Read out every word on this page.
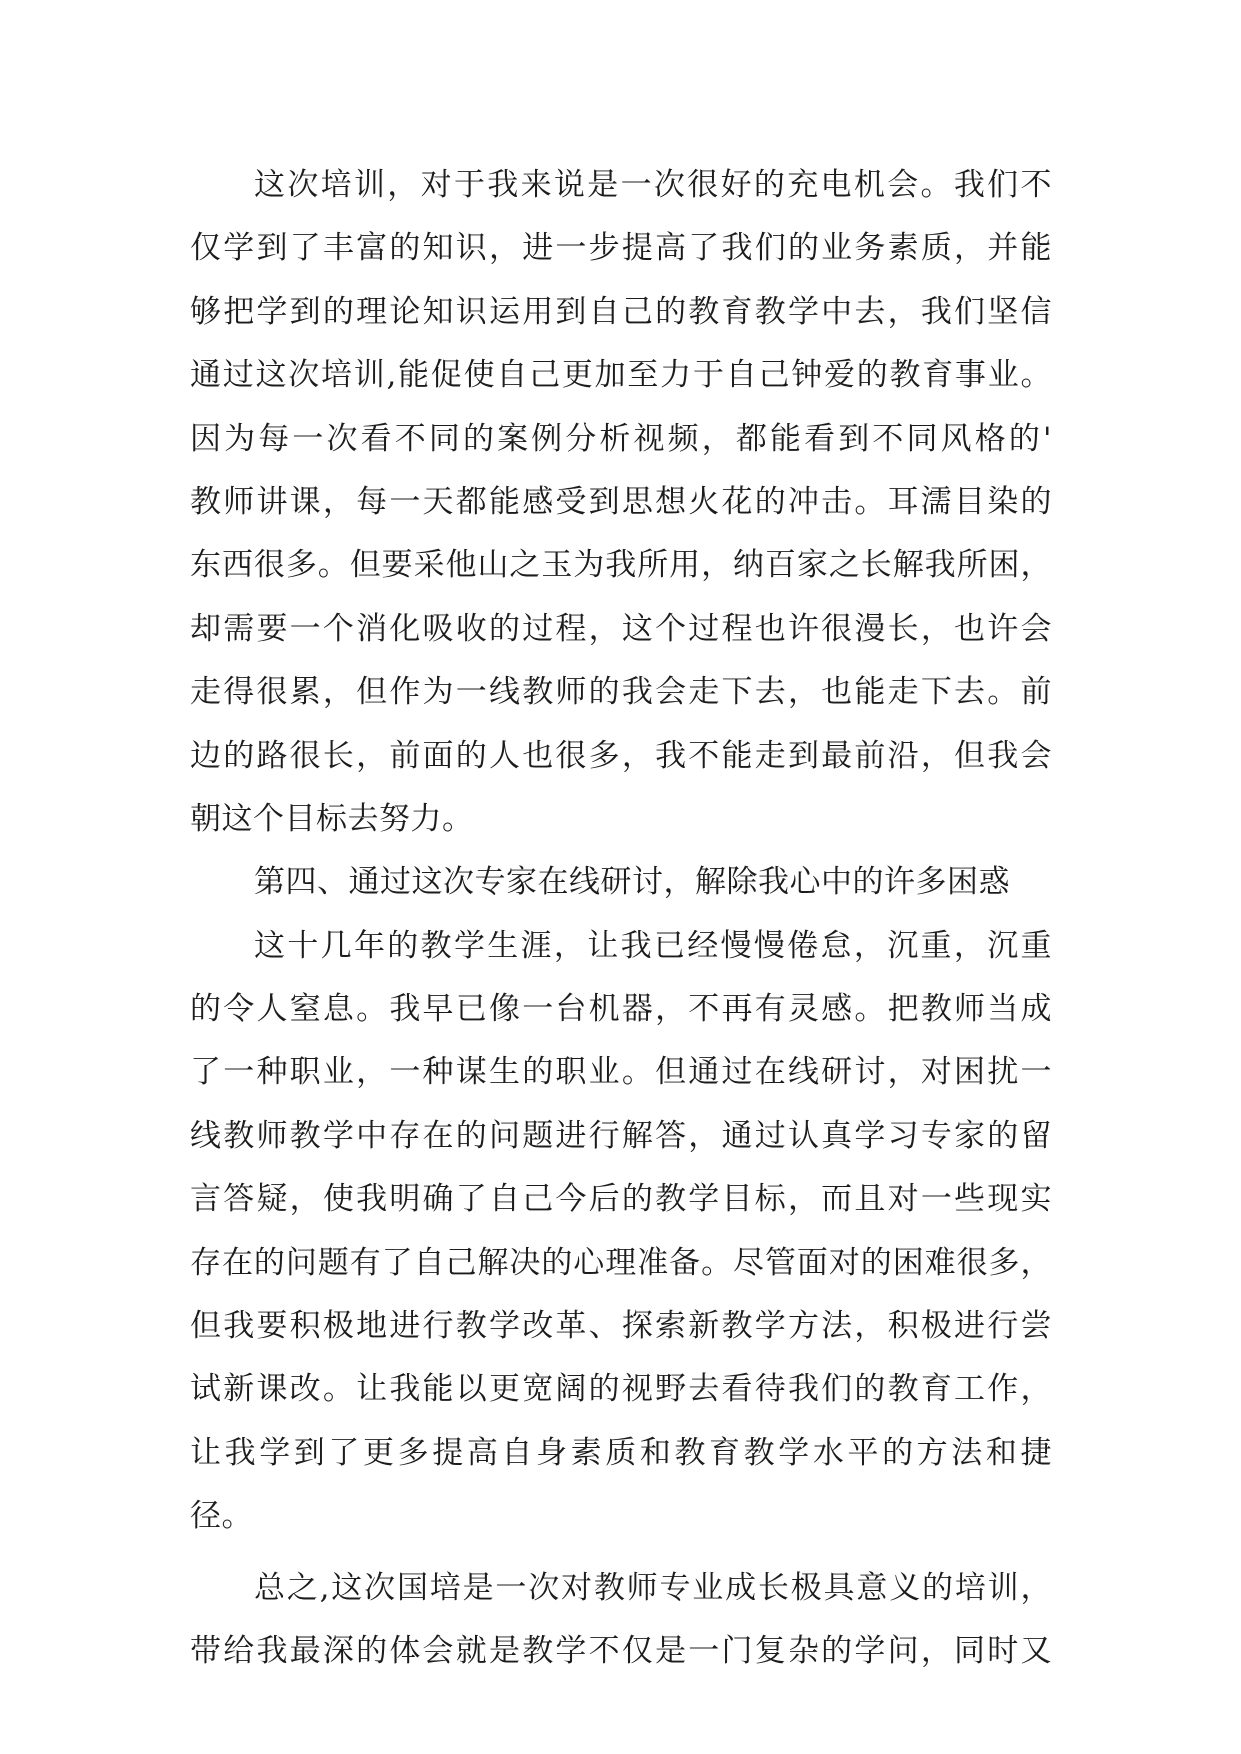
这次培训，对于我来说是一次很好的充电机会。我们不
仅学到了丰富的知识，进一步提高了我们的业务素质，并能
够把学到的理论知识运用到自己的教育教学中去，我们坚信
通过这次培训,能促使自己更加至力于自己钟爱的教育事业。
因为每一次看不同的案例分析视频，都能看到不同风格的'
教师讲课，每一天都能感受到思想火花的冲击。耳濡目染的
东西很多。但要采他山之玉为我所用，纳百家之长解我所困，
却需要一个消化吸收的过程，这个过程也许很漫长，也许会
走得很累，但作为一线教师的我会走下去，也能走下去。前
边的路很长，前面的人也很多，我不能走到最前沿，但我会
朝这个目标去努力。
第四、通过这次专家在线研讨，解除我心中的许多困惑
这十几年的教学生涯，让我已经慢慢倦怠，沉重，沉重
的令人窒息。我早已像一台机器，不再有灵感。把教师当成
了一种职业，一种谋生的职业。但通过在线研讨，对困扰一
线教师教学中存在的问题进行解答，通过认真学习专家的留
言答疑，使我明确了自己今后的教学目标，而且对一些现实
存在的问题有了自己解决的心理准备。尽管面对的困难很多，
但我要积极地进行教学改革、探索新教学方法，积极进行尝
试新课改。让我能以更宽阔的视野去看待我们的教育工作，
让我学到了更多提高自身素质和教育教学水平的方法和捷
径。
总之,这次国培是一次对教师专业成长极具意义的培训，
带给我最深的体会就是教学不仅是一门复杂的学问，同时又
